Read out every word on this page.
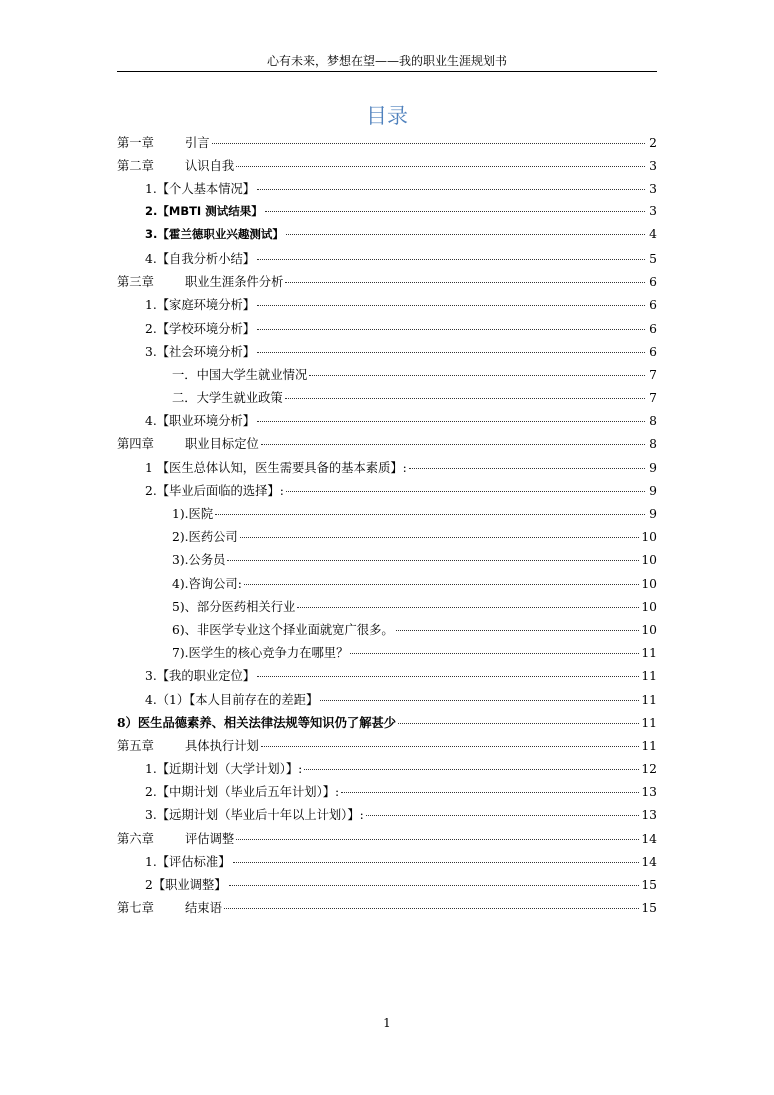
心有未来，梦想在望——我的职业生涯规划书
目录
第一章	引言	2
第二章	认识自我	3
1.【个人基本情况】	3
2.【MBTI 测试结果】	3
3.【霍兰德职业兴趣测试】	4
4.【自我分析小结】	5
第三章	职业生涯条件分析	6
1.【家庭环境分析】	6
2.【学校环境分析】	6
3.【社会环境分析】	6
一．中国大学生就业情况	7
二．大学生就业政策	7
4.【职业环境分析】	8
第四章	职业目标定位	8
1 【医生总体认知，医生需要具备的基本素质】:	9
2.【毕业后面临的选择】:	9
1).医院	9
2).医药公司	10
3).公务员	10
4).咨询公司:	10
5)、部分医药相关行业	10
6)、非医学专业这个择业面就宽广很多。	10
7).医学生的核心竞争力在哪里？	11
3.【我的职业定位】	11
4.（1）【本人目前存在的差距】	11
8）医生品德素养、相关法律法规等知识仍了解甚少	11
第五章	具体执行计划	11
1.【近期计划（大学计划）】:	12
2.【中期计划（毕业后五年计划）】:	13
3.【远期计划（毕业后十年以上计划）】:	13
第六章	评估调整	14
1.【评估标准】	14
2【职业调整】	15
第七章	结束语	15
1
